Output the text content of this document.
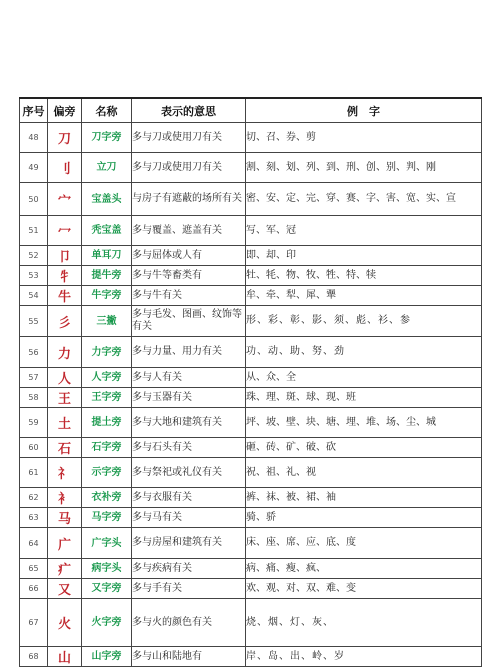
序号	偏旁	名称	表示的意思	例　字
48	刀	刀字旁	多与刀或使用刀有关	切、召、券、剪
49	刂	立刀	多与刀或使用刀有关	割、刻、划、列、到、刑、创、别、判、刚
50	宀	宝盖头	与房子有遮蔽的场所有关	密、安、定、完、穿、赛、字、害、宽、实、宣
51	冖	秃宝盖	多与覆盖、遮盖有关	写、军、冠
52	卩	单耳刀	多与屈体或人有	即、却、印
53	牜	提牛旁	多与牛等畜类有	牡、牦、物、牧、牲、特、犊
54	牛	牛字旁	多与牛有关	牟、牵、犁、犀、犟
55	彡	三撇	多与毛发、图画、纹饰等有关	形、彩、彰、影、须、彪、衫、参
56	力	力字旁	多与力量、用力有关	功、动、助、努、劲
57	人	人字旁	多与人有关	从、众、全
58	王	王字旁	多与玉器有关	珠、理、斑、球、现、班
59	土	提土旁	多与大地和建筑有关	坪、坡、壁、块、塘、埋、堆、场、尘、城
60	石	石字旁	多与石头有关	砸、砖、矿、破、砍
61	礻	示字旁	多与祭祀或礼仪有关	祝、祖、礼、视
62	衤	衣补旁	多与衣服有关	裤、袜、被、裙、袖
63	马	马字旁	多与马有关	骑、骄
64	广	广字头	多与房屋和建筑有关	床、座、席、应、底、度
65	疒	病字头	多与疾病有关	病、痛、瘦、疯、
66	又	又字旁	多与手有关	欢、观、对、双、难、变
67	火	火字旁	多与火的颜色有关	烧、烟、灯、灰、
68	山	山字旁	多与山和陆地有	岸、岛、出、岭、岁
